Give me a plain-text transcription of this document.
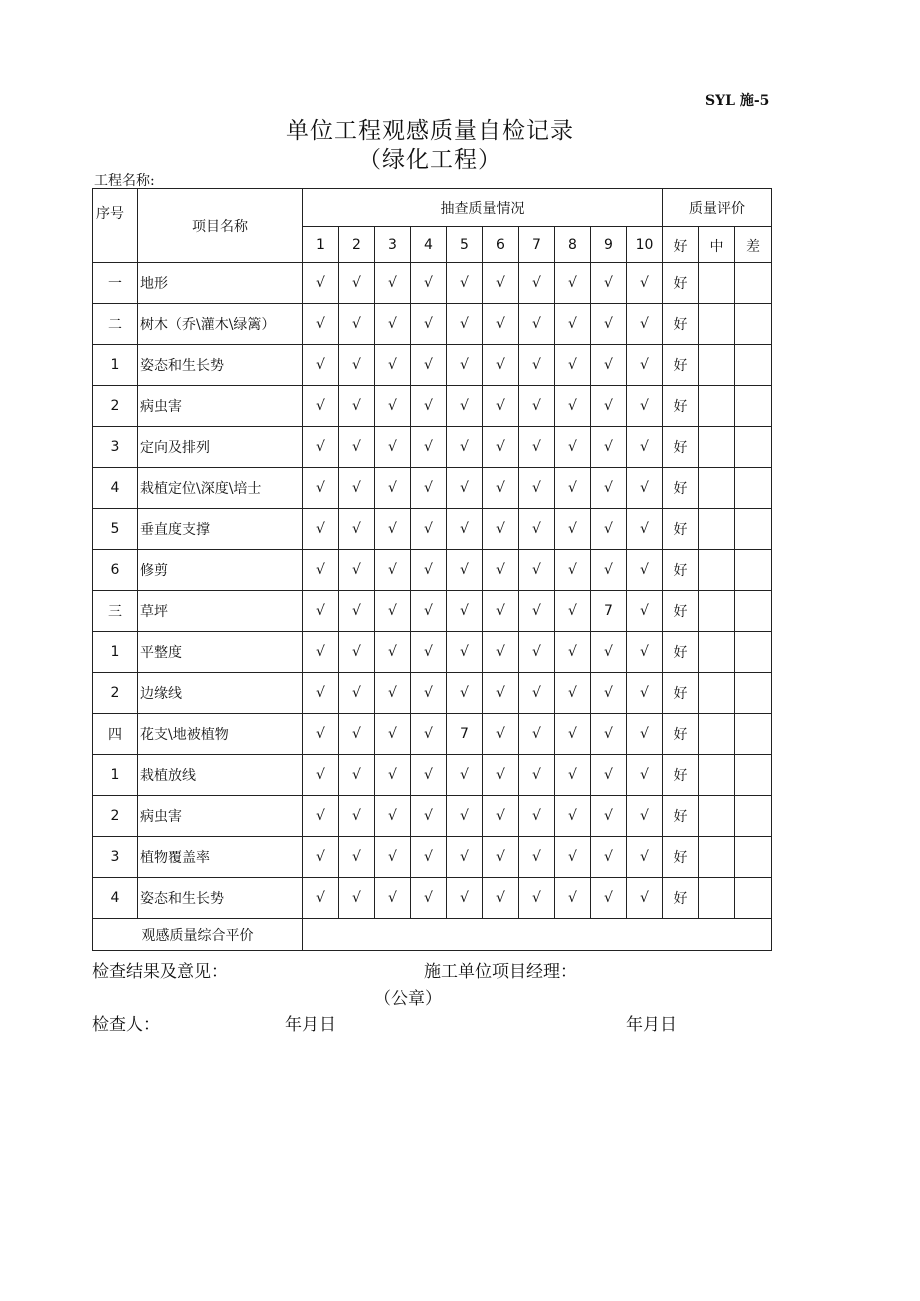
SYL 施-5
单位工程观感质量自检记录
（绿化工程）
工程名称:
序号	项目名称	抽查质量情况										质量评价		
		1	2	3	4	5	6	7	8	9	10	好	中	差
一	地形	√	√	√	√	√	√	√	√	√	√	好		
二	树木（乔\灌木\绿篱）	√	√	√	√	√	√	√	√	√	√	好		
1	姿态和生长势	√	√	√	√	√	√	√	√	√	√	好		
2	病虫害	√	√	√	√	√	√	√	√	√	√	好		
3	定向及排列	√	√	√	√	√	√	√	√	√	√	好		
4	栽植定位\深度\培士	√	√	√	√	√	√	√	√	√	√	好		
5	垂直度支撑	√	√	√	√	√	√	√	√	√	√	好		
6	修剪	√	√	√	√	√	√	√	√	√	√	好		
三	草坪	√	√	√	√	√	√	√	√	7	√	好		
1	平整度	√	√	√	√	√	√	√	√	√	√	好		
2	边缘线	√	√	√	√	√	√	√	√	√	√	好		
四	花支\地被植物	√	√	√	√	7	√	√	√	√	√	好		
1	栽植放线	√	√	√	√	√	√	√	√	√	√	好		
2	病虫害	√	√	√	√	√	√	√	√	√	√	好		
3	植物覆盖率	√	√	√	√	√	√	√	√	√	√	好		
4	姿态和生长势	√	√	√	√	√	√	√	√	√	√	好		
观感质量综合平价														
检查结果及意见：	施工单位项目经理：
（公章）
检查人：	年月日	年月日
